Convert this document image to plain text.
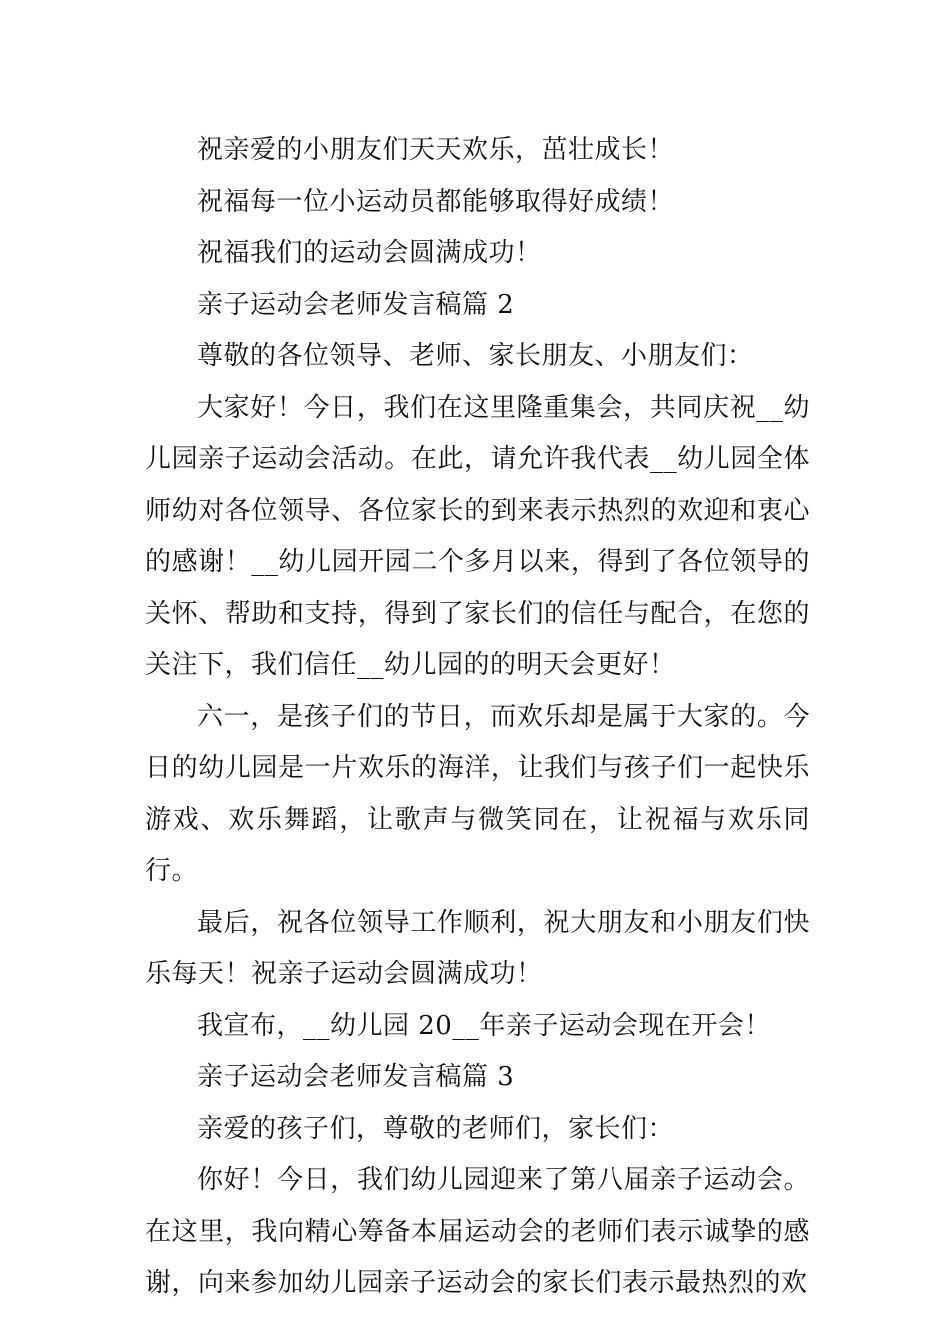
祝亲爱的小朋友们天天欢乐，茁壮成长！

祝福每一位小运动员都能够取得好成绩！

祝福我们的运动会圆满成功！

亲子运动会老师发言稿篇 2

尊敬的各位领导、老师、家长朋友、小朋友们：

大家好！今日，我们在这里隆重集会，共同庆祝__幼儿园亲子运动会活动。在此，请允许我代表__幼儿园全体师幼对各位领导、各位家长的到来表示热烈的欢迎和衷心的感谢！__幼儿园开园二个多月以来，得到了各位领导的关怀、帮助和支持，得到了家长们的信任与配合，在您的关注下，我们信任__幼儿园的的明天会更好！

六一，是孩子们的节日，而欢乐却是属于大家的。今日的幼儿园是一片欢乐的海洋，让我们与孩子们一起快乐游戏、欢乐舞蹈，让歌声与微笑同在，让祝福与欢乐同行。

最后，祝各位领导工作顺利，祝大朋友和小朋友们快乐每天！祝亲子运动会圆满成功！

我宣布，__幼儿园 20__年亲子运动会现在开会！

亲子运动会老师发言稿篇 3

亲爱的孩子们，尊敬的老师们，家长们：

你好！今日，我们幼儿园迎来了第八届亲子运动会。在这里，我向精心筹备本届运动会的老师们表示诚挚的感谢，向来参加幼儿园亲子运动会的家长们表示最热烈的欢
